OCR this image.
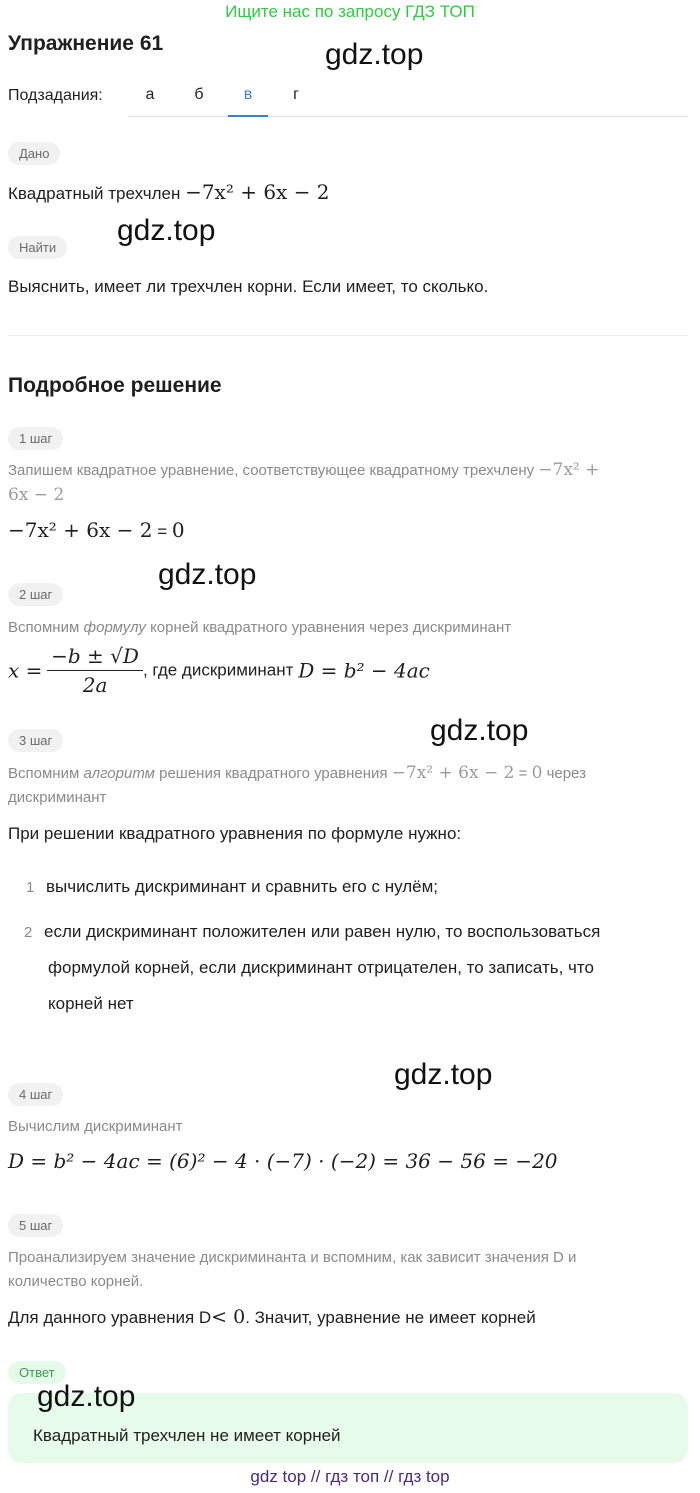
Ищите нас по запросу ГДЗ ТОП
Упражнение 61	gdz.top
gdz.top
gdz.top
gdz.top
gdz.top
gdz.top
Подзадания:	а	б	в	г
Дано
Квадратный трехчлен −7x² + 6x − 2
Найти
Выяснить, имеет ли трехчлен корни. Если имеет, то сколько.
Подробное решение
1 шаг
Запишем квадратное уравнение, соответствующее квадратному трехчлену −7x² +
6x − 2
−7x² + 6x − 2 = 0
2 шаг
Вспомним формулу корней квадратного уравнения через дискриминант
$x = \frac{-b \pm √D}{2a}$ , где дискриминант D = b² − 4ac
3 шаг
Вспомним алгоритм решения квадратного уравнения −7x² + 6x − 2 = 0 через
дискриминант
При решении квадратного уравнения по формуле нужно:
1 вычислить дискриминант и сравнить его с нулём;
2 если дискриминант положителен или равен нулю, то воспользоваться
формулой корней, если дискриминант отрицателен, то записать, что
корней нет
4 шаг
Вычислим дискриминант
D = b² − 4ac = (6)² − 4 · (−7) · (−2) = 36 − 56 = −20
5 шаг
Проанализируем значение дискриминанта и вспомним, как зависит значения D и
количество корней.
Для данного уравнения D< 0. Значит, уравнение не имеет корней
Ответ
Квадратный трехчлен не имеет корней
gdz top // гдз топ // гдз top
